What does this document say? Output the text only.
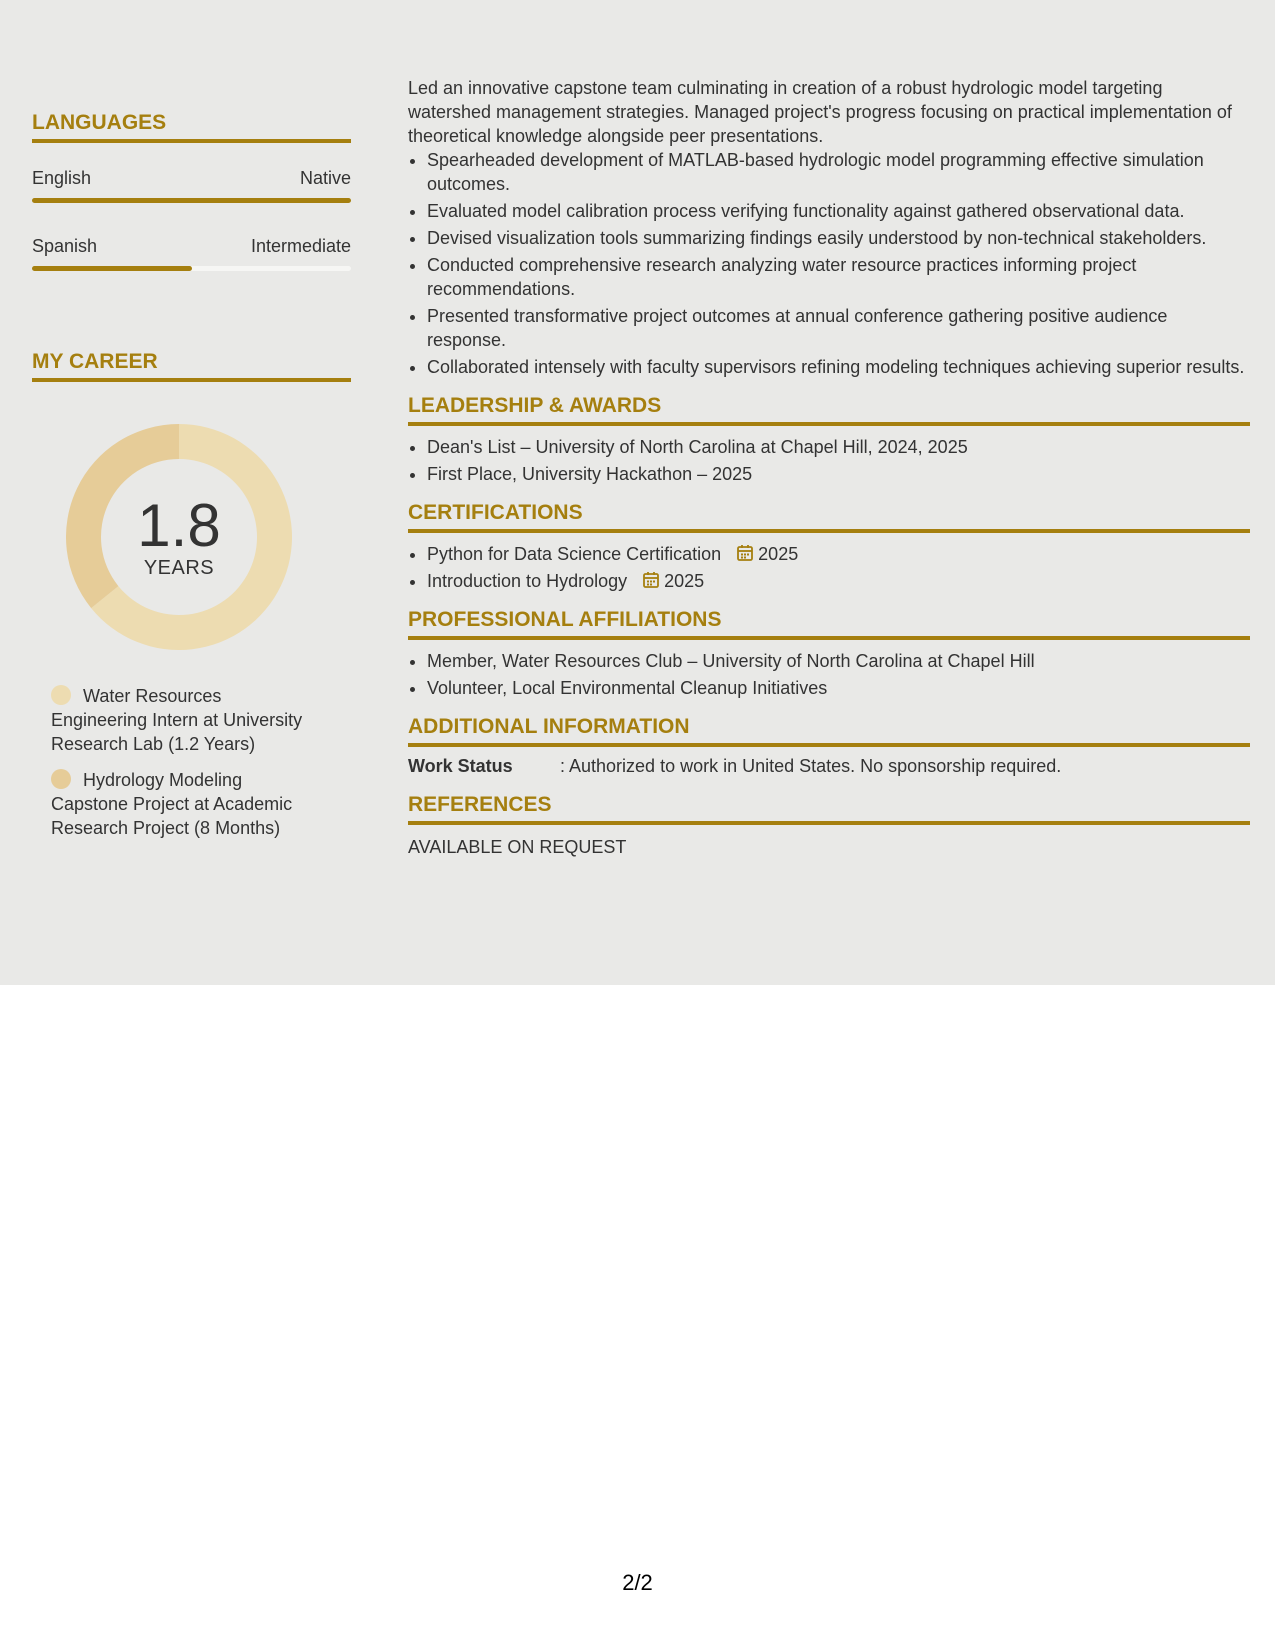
LANGUAGES
English	Native
Spanish	Intermediate
MY CAREER
1.8
YEARS
Water Resources Engineering Intern at University Research Lab (1.2 Years)
Hydrology Modeling Capstone Project at Academic Research Project (8 Months)

Led an innovative capstone team culminating in creation of a robust hydrologic model targeting watershed management strategies. Managed project's progress focusing on practical implementation of theoretical knowledge alongside peer presentations.

• Spearheaded development of MATLAB-based hydrologic model programming effective simulation outcomes.
• Evaluated model calibration process verifying functionality against gathered observational data.
• Devised visualization tools summarizing findings easily understood by non-technical stakeholders.
• Conducted comprehensive research analyzing water resource practices informing project recommendations.
• Presented transformative project outcomes at annual conference gathering positive audience response.
• Collaborated intensely with faculty supervisors refining modeling techniques achieving superior results.
LEADERSHIP & AWARDS
• Dean's List – University of North Carolina at Chapel Hill, 2024, 2025
• First Place, University Hackathon – 2025
CERTIFICATIONS
• Python for Data Science Certification 2025
• Introduction to Hydrology 2025
PROFESSIONAL AFFILIATIONS
• Member, Water Resources Club – University of North Carolina at Chapel Hill
• Volunteer, Local Environmental Cleanup Initiatives
ADDITIONAL INFORMATION
Work Status	: Authorized to work in United States. No sponsorship required.
REFERENCES
AVAILABLE ON REQUEST
2/2
